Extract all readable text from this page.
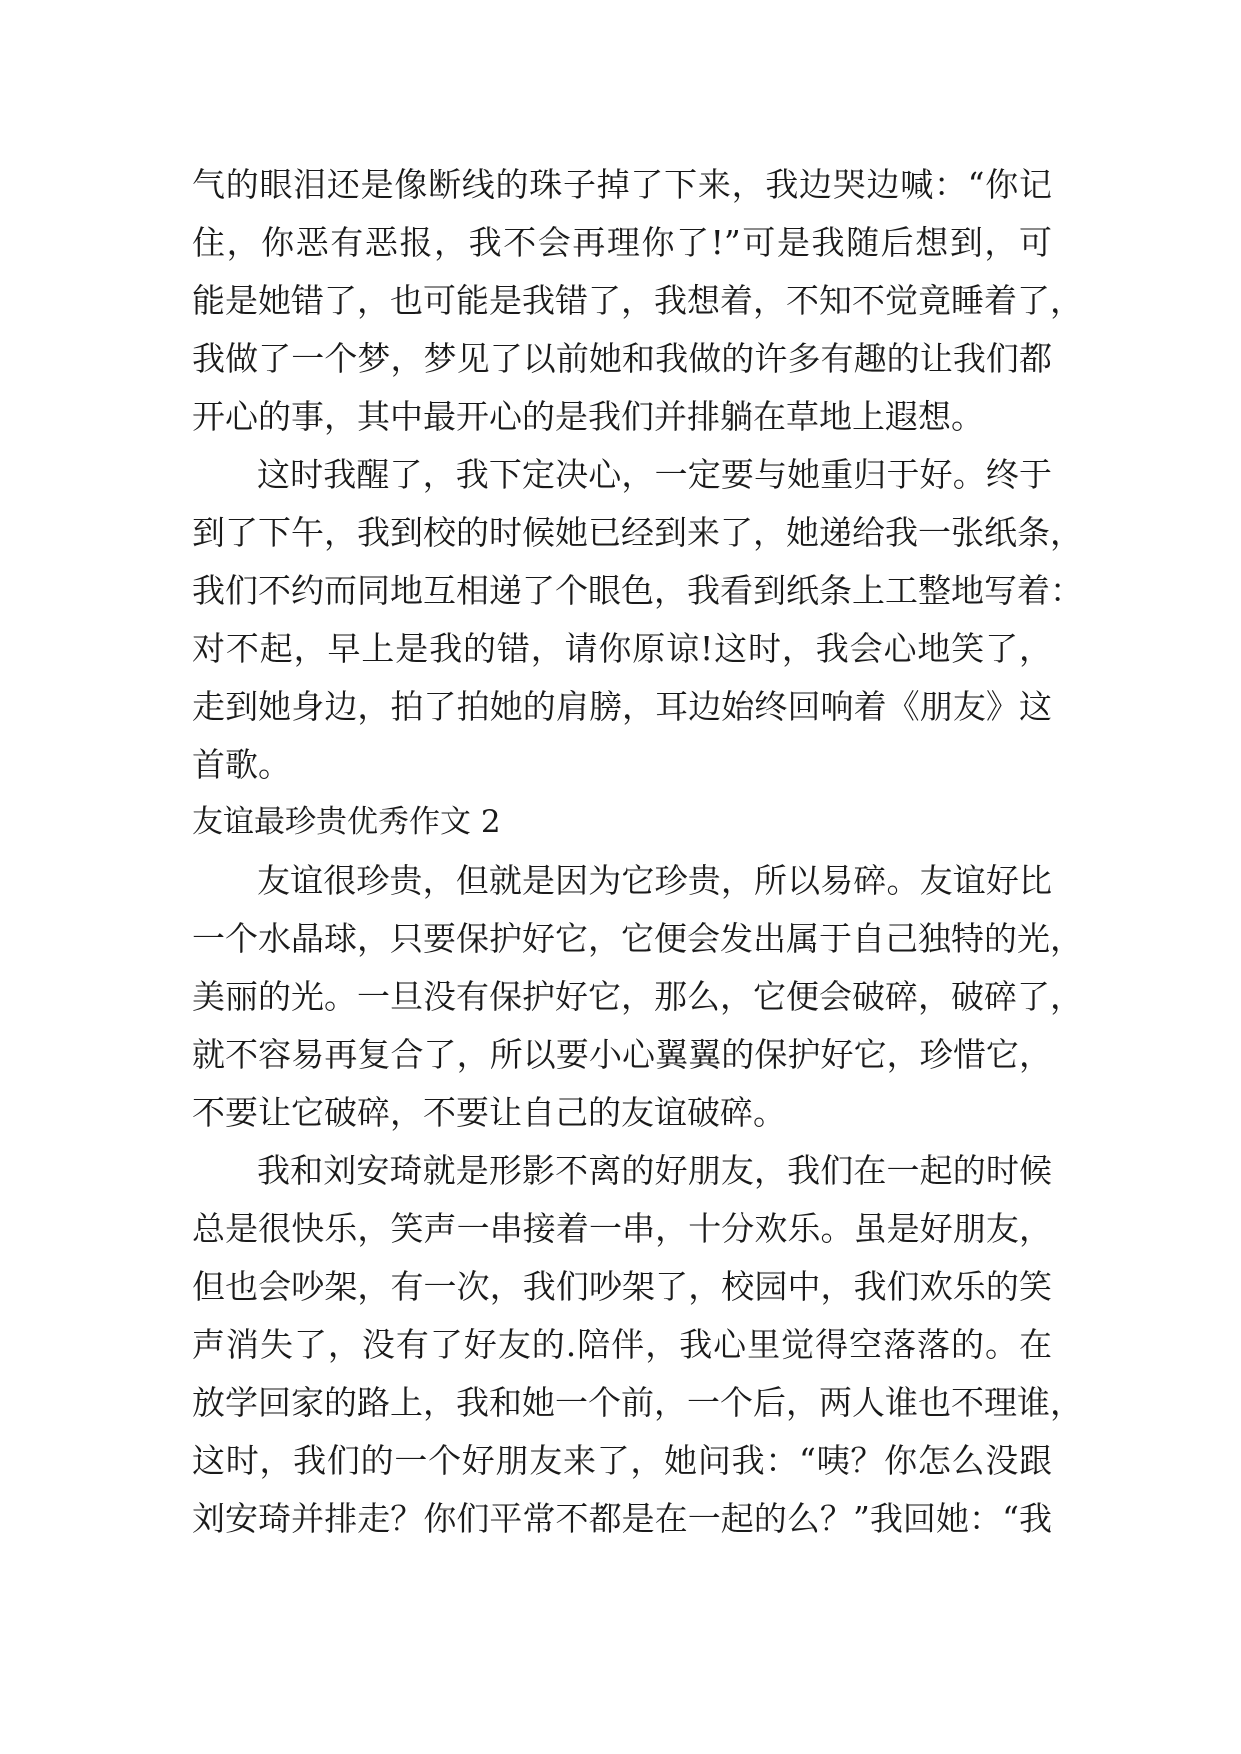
气的眼泪还是像断线的珠子掉了下来，我边哭边喊：“你记
住，你恶有恶报，我不会再理你了!”可是我随后想到，可
能是她错了，也可能是我错了，我想着，不知不觉竟睡着了，
我做了一个梦，梦见了以前她和我做的许多有趣的让我们都
开心的事，其中最开心的是我们并排躺在草地上遐想。
这时我醒了，我下定决心，一定要与她重归于好。终于
到了下午，我到校的时候她已经到来了，她递给我一张纸条，
我们不约而同地互相递了个眼色，我看到纸条上工整地写着：
对不起，早上是我的错，请你原谅!这时，我会心地笑了，
走到她身边，拍了拍她的肩膀，耳边始终回响着《朋友》这
首歌。
友谊最珍贵优秀作文 2
友谊很珍贵，但就是因为它珍贵，所以易碎。友谊好比
一个水晶球，只要保护好它，它便会发出属于自己独特的光，
美丽的光。一旦没有保护好它，那么，它便会破碎，破碎了，
就不容易再复合了，所以要小心翼翼的保护好它，珍惜它，
不要让它破碎，不要让自己的友谊破碎。
我和刘安琦就是形影不离的好朋友，我们在一起的时候
总是很快乐，笑声一串接着一串，十分欢乐。虽是好朋友，
但也会吵架，有一次，我们吵架了，校园中，我们欢乐的笑
声消失了，没有了好友的.陪伴，我心里觉得空落落的。在
放学回家的路上，我和她一个前，一个后，两人谁也不理谁，
这时，我们的一个好朋友来了，她问我：“咦？你怎么没跟
刘安琦并排走？你们平常不都是在一起的么？”我回她：“我
